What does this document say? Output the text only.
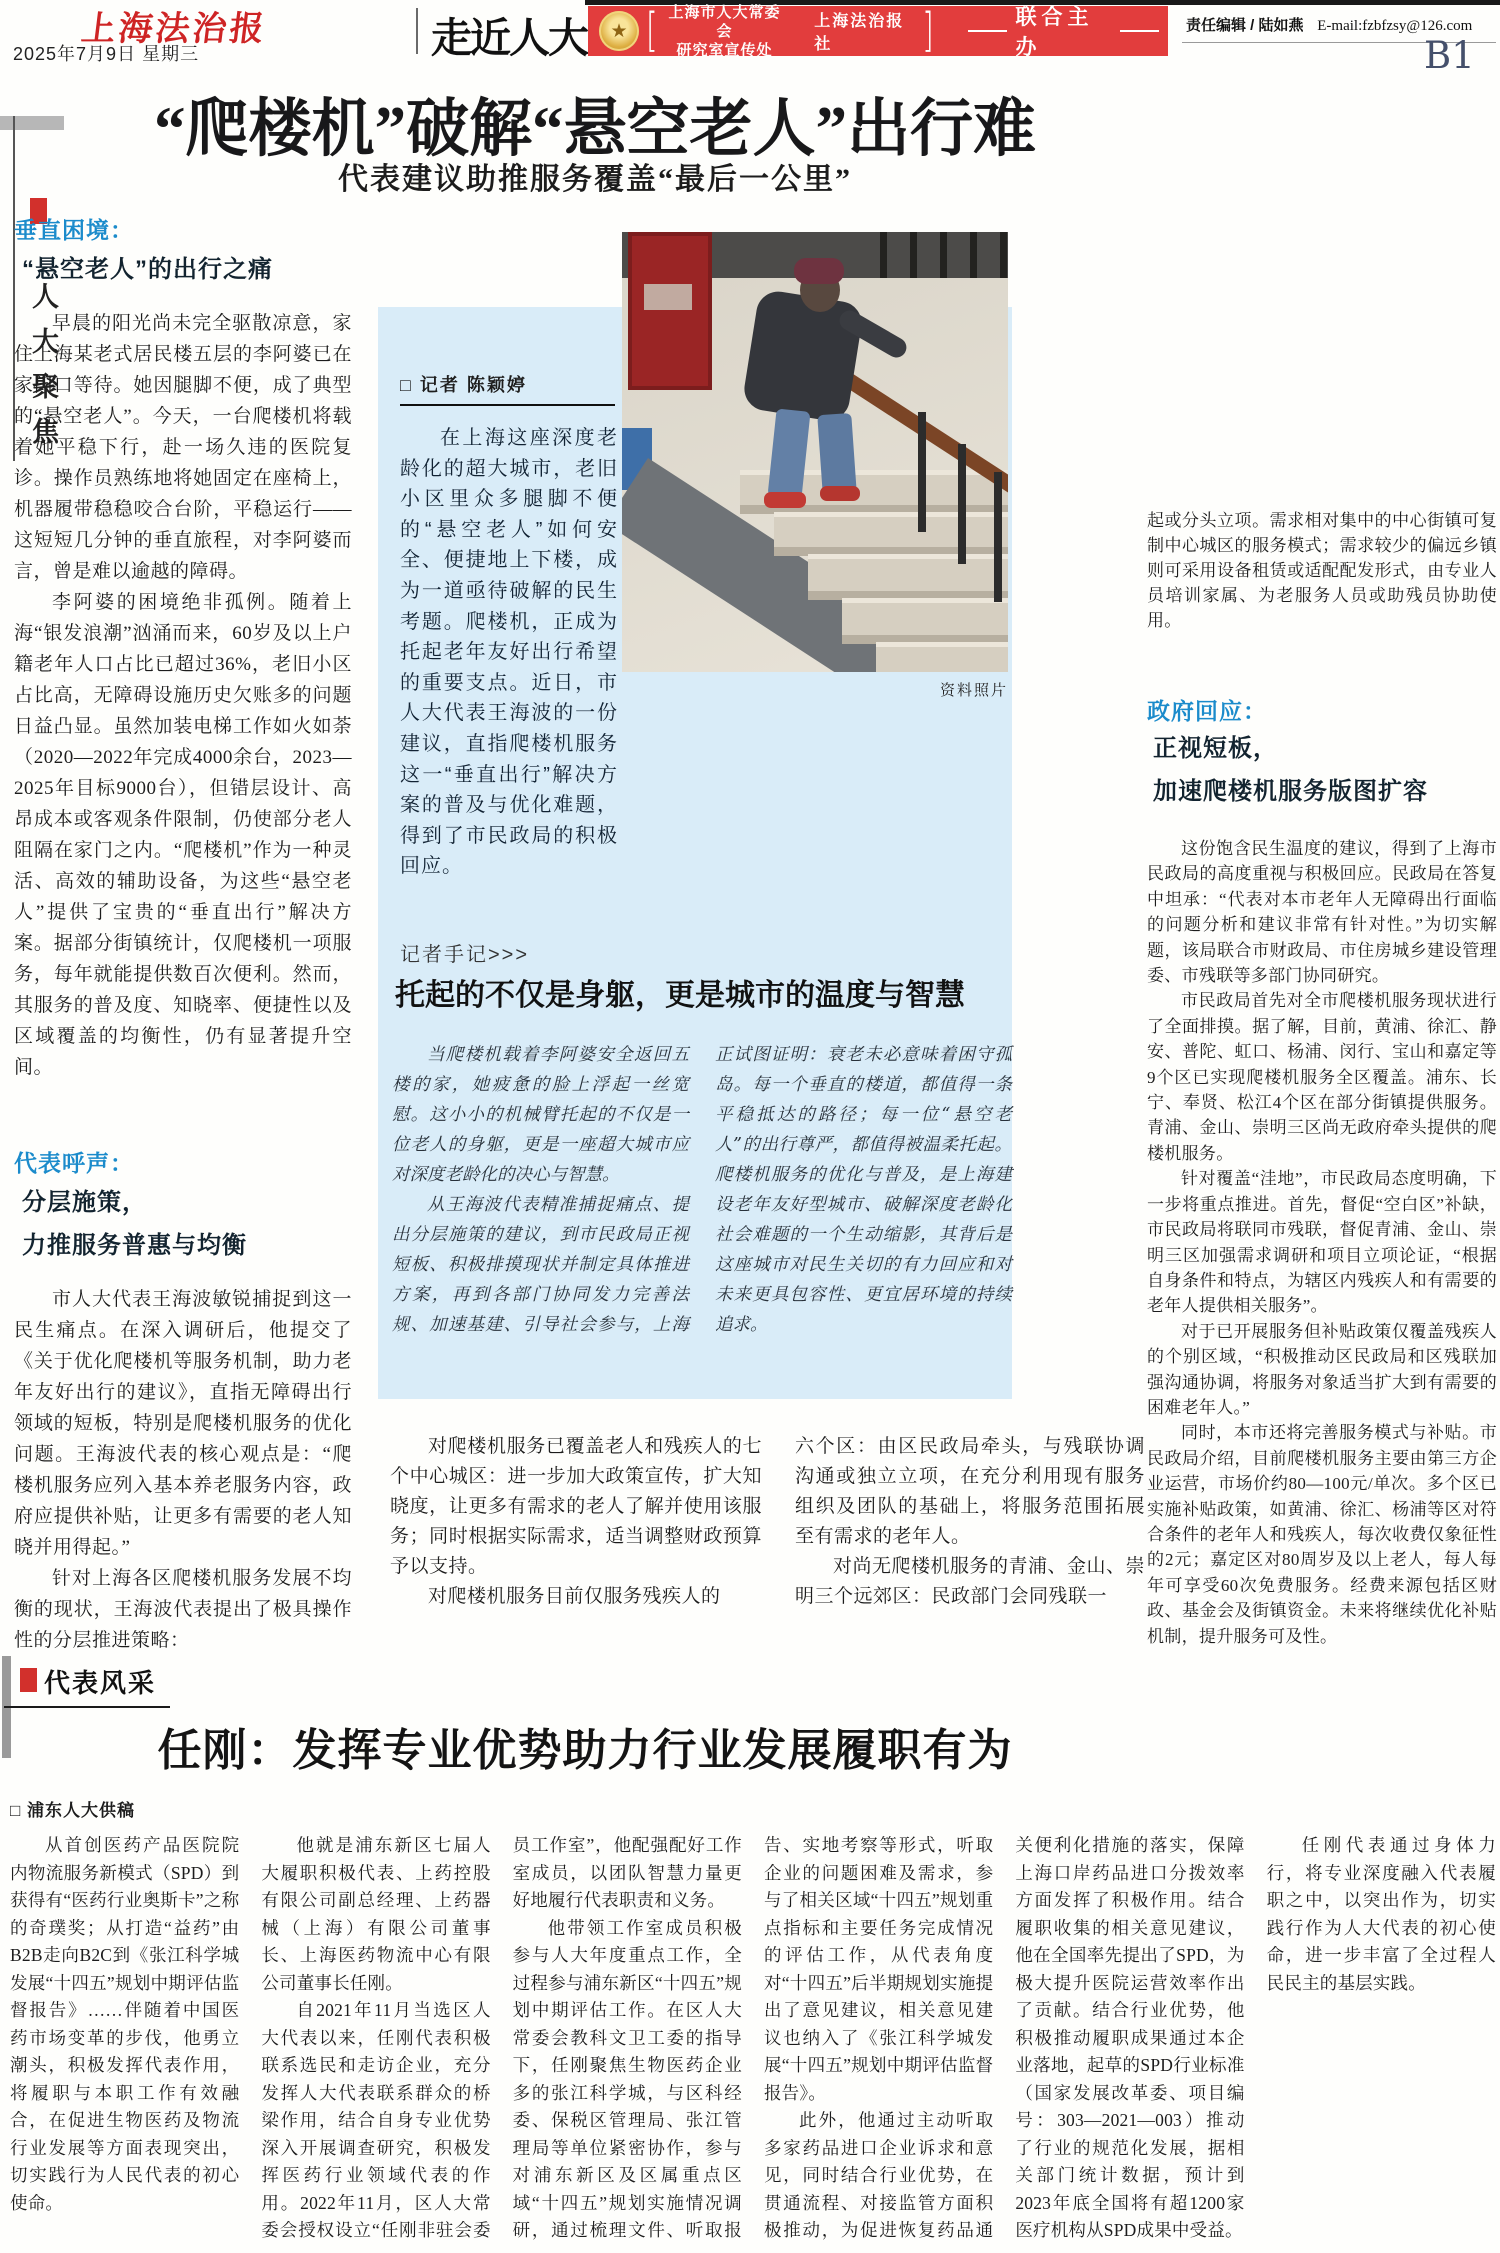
上海法治报
2025年7月9日 星期三	走近人大 ★ [ 上海市人大常委会
研究室宣传处
上海法治报社	]	联合主办
责任编辑 / 陆如燕 E-mail:fzbfzsy@126.com
B1
人大聚焦
“爬楼机”破解“悬空老人”出行难
代表建议助推服务覆盖“最后一公里”
垂直困境：
“悬空老人”的出行之痛

早晨的阳光尚未完全驱散凉意，家住上海某老式居民楼五层的李阿婆已在家门口等待。她因腿脚不便，成了典型的“悬空老人”。今天，一台爬楼机将载着她平稳下行，赴一场久违的医院复诊。操作员熟练地将她固定在座椅上，机器履带稳稳咬合台阶，平稳运行——这短短几分钟的垂直旅程，对李阿婆而言，曾是难以逾越的障碍。

李阿婆的困境绝非孤例。随着上海“银发浪潮”汹涌而来，60岁及以上户籍老年人口占比已超过36%，老旧小区占比高，无障碍设施历史欠账多的问题日益凸显。虽然加装电梯工作如火如荼（2020—2022年完成4000余台，2023—2025年目标9000台），但错层设计、高昂成本或客观条件限制，仍使部分老人阻隔在家门之内。“爬楼机”作为一种灵活、高效的辅助设备，为这些“悬空老人”提供了宝贵的“垂直出行”解决方案。据部分街镇统计，仅爬楼机一项服务，每年就能提供数百次便利。然而，其服务的普及度、知晓率、便捷性以及区域覆盖的均衡性，仍有显著提升空间。

代表呼声：
分层施策，
力推服务普惠与均衡

市人大代表王海波敏锐捕捉到这一民生痛点。在深入调研后，他提交了《关于优化爬楼机等服务机制，助力老年友好出行的建议》，直指无障碍出行领域的短板，特别是爬楼机服务的优化问题。王海波代表的核心观点是：“爬楼机服务应列入基本养老服务内容，政府应提供补贴，让更多有需要的老人知晓并用得起。”

针对上海各区爬楼机服务发展不均衡的现状，王海波代表提出了极具操作性的分层推进策略：

□ 记者 陈颖婷

在上海这座深度老龄化的超大城市，老旧小区里众多腿脚不便的“悬空老人”如何安全、便捷地上下楼，成为一道亟待破解的民生考题。爬楼机，正成为托起老年友好出行希望的重要支点。近日，市人大代表王海波的一份建议，直指爬楼机服务这一“垂直出行”解决方案的普及与优化难题，得到了市民政局的积极回应。

资料照片
记者手记>>>
托起的不仅是身躯，更是城市的温度与智慧

当爬楼机载着李阿婆安全返回五楼的家，她疲惫的脸上浮起一丝宽慰。这小小的机械臂托起的不仅是一位老人的身躯，更是一座超大城市应对深度老龄化的决心与智慧。

从王海波代表精准捕捉痛点、提出分层施策的建议，到市民政局正视短板、积极排摸现状并制定具体推进方案，再到各部门协同发力完善法规、加速基建、引导社会参与，上海正试图证明：衰老未必意味着困守孤岛。每一个垂直的楼道，都值得一条平稳抵达的路径；每一位“悬空老人”的出行尊严，都值得被温柔托起。爬楼机服务的优化与普及，是上海建设老年友好型城市、破解深度老龄化社会难题的一个生动缩影，其背后是这座城市对民生关切的有力回应和对未来更具包容性、更宜居环境的持续追求。

对爬楼机服务已覆盖老人和残疾人的七个中心城区：进一步加大政策宣传，扩大知晓度，让更多有需求的老人了解并使用该服务；同时根据实际需求，适当调整财政预算予以支持。

对爬楼机服务目前仅服务残疾人的

六个区：由区民政局牵头，与残联协调沟通或独立立项，在充分利用现有服务组织及团队的基础上，将服务范围拓展至有需求的老年人。

对尚无爬楼机服务的青浦、金山、崇明三个远郊区：民政部门会同残联一

起或分头立项。需求相对集中的中心街镇可复制中心城区的服务模式；需求较少的偏远乡镇则可采用设备租赁或适配配发形式，由专业人员培训家属、为老服务人员或助残员协助使用。

政府回应：
正视短板，
加速爬楼机服务版图扩容

这份饱含民生温度的建议，得到了上海市民政局的高度重视与积极回应。民政局在答复中坦承：“代表对本市老年人无障碍出行面临的问题分析和建议非常有针对性。”为切实解题，该局联合市财政局、市住房城乡建设管理委、市残联等多部门协同研究。

市民政局首先对全市爬楼机服务现状进行了全面排摸。据了解，目前，黄浦、徐汇、静安、普陀、虹口、杨浦、闵行、宝山和嘉定等9个区已实现爬楼机服务全区覆盖。浦东、长宁、奉贤、松江4个区在部分街镇提供服务。青浦、金山、崇明三区尚无政府牵头提供的爬楼机服务。

针对覆盖“洼地”，市民政局态度明确，下一步将重点推进。首先，督促“空白区”补缺，市民政局将联同市残联，督促青浦、金山、崇明三区加强需求调研和项目立项论证，“根据自身条件和特点，为辖区内残疾人和有需要的老年人提供相关服务”。

对于已开展服务但补贴政策仅覆盖残疾人的个别区域，“积极推动区民政局和区残联加强沟通协调，将服务对象适当扩大到有需要的困难老年人。”

同时，本市还将完善服务模式与补贴。市民政局介绍，目前爬楼机服务主要由第三方企业运营，市场价约80—100元/单次。多个区已实施补贴政策，如黄浦、徐汇、杨浦等区对符合条件的老年人和残疾人，每次收费仅象征性的2元；嘉定区对80周岁及以上老人，每人每年可享受60次免费服务。经费来源包括区财政、基金会及街镇资金。未来将继续优化补贴机制，提升服务可及性。

代表风采
任刚：发挥专业优势助力行业发展履职有为
□ 浦东人大供稿

从首创医药产品医院院内物流服务新模式（SPD）到获得有“医药行业奥斯卡”之称的奇璞奖；从打造“益药”由B2B走向B2C到《张江科学城发展“十四五”规划中期评估监督报告》……伴随着中国医药市场变革的步伐，他勇立潮头，积极发挥代表作用，将履职与本职工作有效融合，在促进生物医药及物流行业发展等方面表现突出，切实践行为人民代表的初心使命。

他就是浦东新区七届人大履职积极代表、上药控股有限公司副总经理、上药器械（上海）有限公司董事长、上海医药物流中心有限公司董事长任刚。

自2021年11月当选区人大代表以来，任刚代表积极联系选民和走访企业，充分发挥人大代表联系群众的桥梁作用，结合自身专业优势深入开展调查研究，积极发挥医药行业领域代表的作用。2022年11月，区人大常委会授权设立“任刚非驻会委员工作室”，他配强配好工作室成员，以团队智慧力量更好地履行代表职责和义务。

他带领工作室成员积极参与人大年度重点工作，全过程参与浦东新区“十四五”规划中期评估工作。在区人大常委会教科文卫工委的指导下，任刚聚焦生物医药企业多的张江科学城，与区科经委、保税区管理局、张江管理局等单位紧密协作，参与对浦东新区及区属重点区域“十四五”规划实施情况调研，通过梳理文件、听取报告、实地考察等形式，听取企业的问题困难及需求，参与了相关区域“十四五”规划重点指标和主要任务完成情况的评估工作，从代表角度对“十四五”后半期规划实施提出了意见建议，相关意见建议也纳入了《张江科学城发展“十四五”规划中期评估监督报告》。

此外，他通过主动听取多家药品进口企业诉求和意见，同时结合行业优势，在贯通流程、对接监管方面积极推动，为促进恢复药品通关便利化措施的落实，保障上海口岸药品进口分拨效率方面发挥了积极作用。结合履职收集的相关意见建议，他在全国率先提出了SPD，为极大提升医院运营效率作出了贡献。结合行业优势，他积极推动履职成果通过本企业落地，起草的SPD行业标准（国家发展改革委、项目编号：303—2021—003）推动了行业的规范化发展，据相关部门统计数据，预计到2023年底全国将有超1200家医疗机构从SPD成果中受益。

任刚代表通过身体力行，将专业深度融入代表履职之中，以突出作为，切实践行作为人大代表的初心使命，进一步丰富了全过程人民民主的基层实践。
